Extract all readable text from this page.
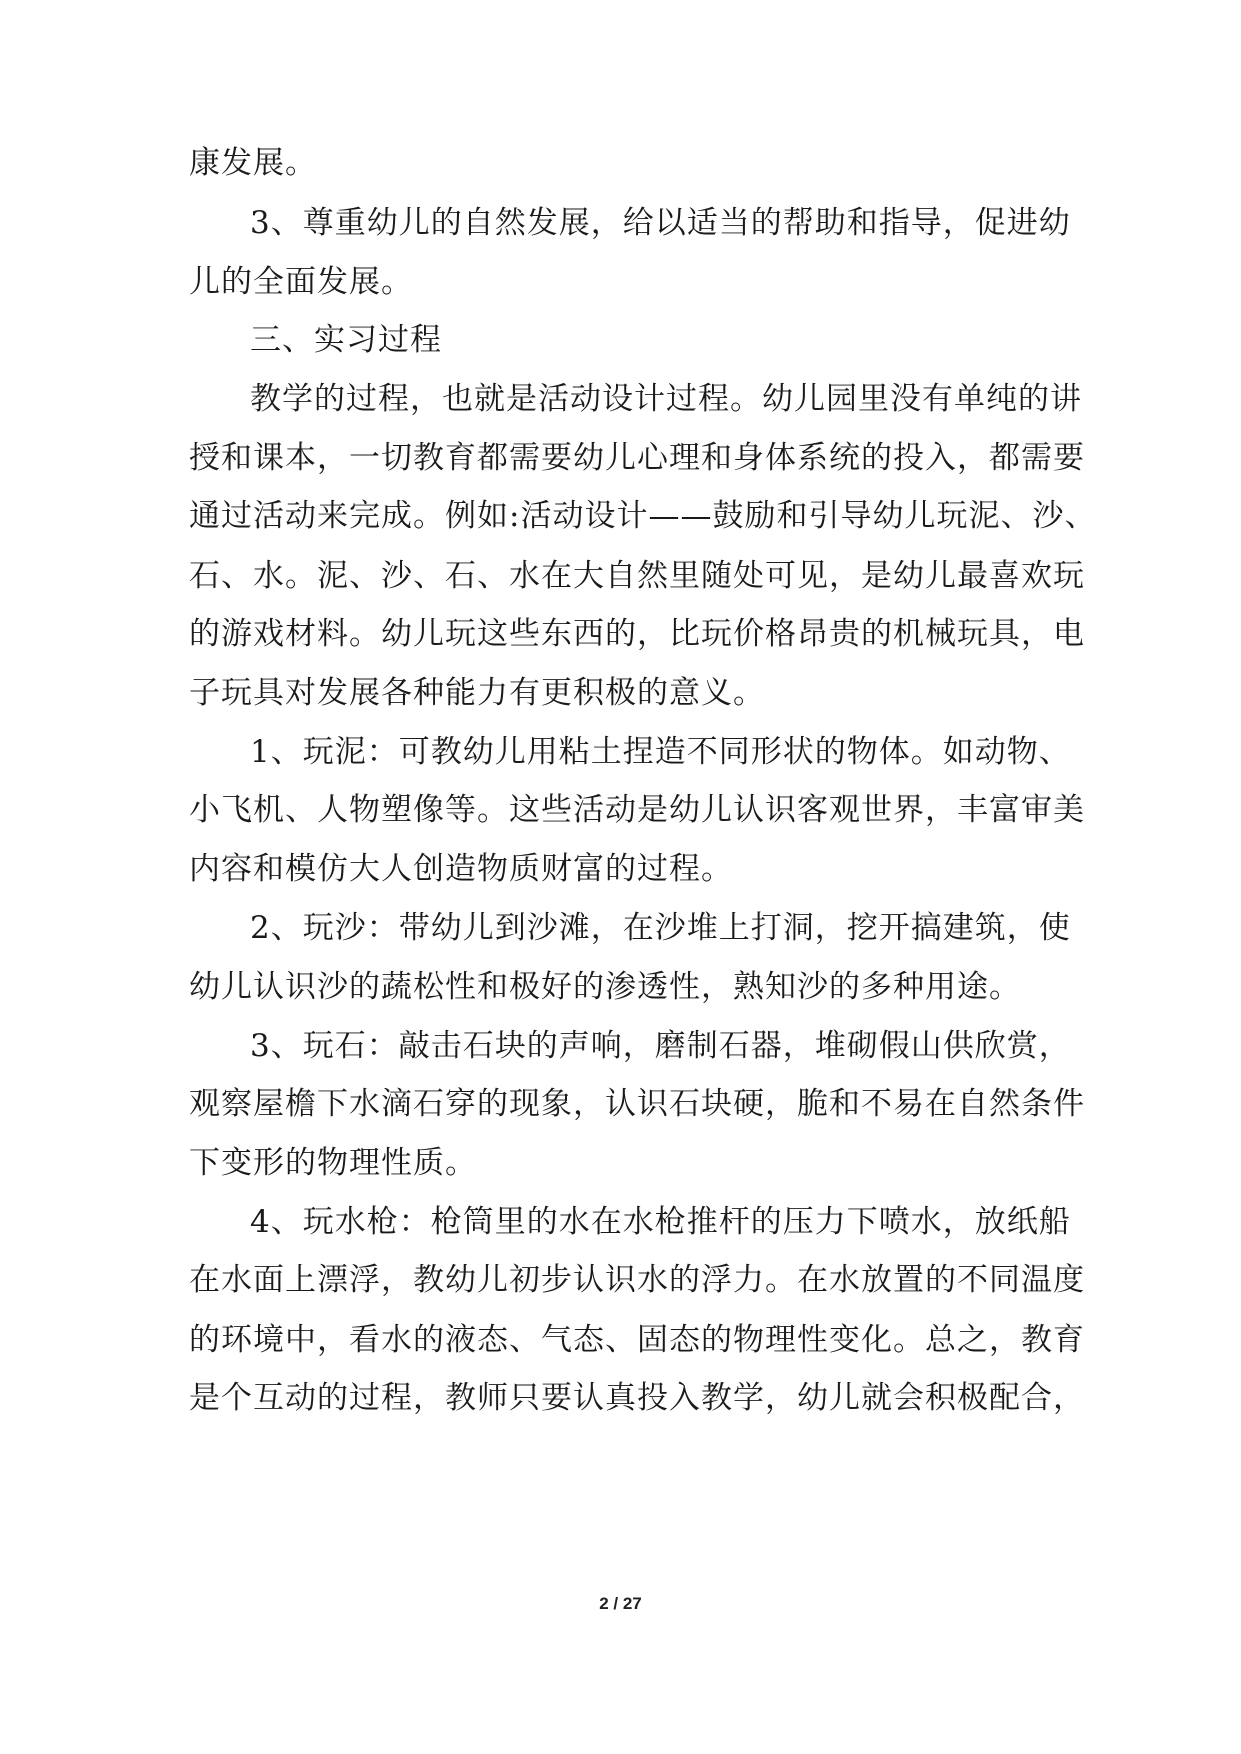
康发展。
3、尊重幼儿的自然发展，给以适当的帮助和指导，促进幼
儿的全面发展。
三、实习过程
教学的过程，也就是活动设计过程。幼儿园里没有单纯的讲
授和课本，一切教育都需要幼儿心理和身体系统的投入，都需要
通过活动来完成。例如:活动设计——鼓励和引导幼儿玩泥、沙、
石、水。泥、沙、石、水在大自然里随处可见，是幼儿最喜欢玩
的游戏材料。幼儿玩这些东西的，比玩价格昂贵的机械玩具，电
子玩具对发展各种能力有更积极的意义。
1、玩泥：可教幼儿用粘土捏造不同形状的物体。如动物、
小飞机、人物塑像等。这些活动是幼儿认识客观世界，丰富审美
内容和模仿大人创造物质财富的过程。
2、玩沙：带幼儿到沙滩，在沙堆上打洞，挖开搞建筑，使
幼儿认识沙的蔬松性和极好的渗透性，熟知沙的多种用途。
3、玩石：敲击石块的声响，磨制石器，堆砌假山供欣赏，
观察屋檐下水滴石穿的现象，认识石块硬，脆和不易在自然条件
下变形的物理性质。
4、玩水枪：枪筒里的水在水枪推杆的压力下喷水，放纸船
在水面上漂浮，教幼儿初步认识水的浮力。在水放置的不同温度
的环境中，看水的液态、气态、固态的物理性变化。总之，教育
是个互动的过程，教师只要认真投入教学，幼儿就会积极配合，
2 / 27
